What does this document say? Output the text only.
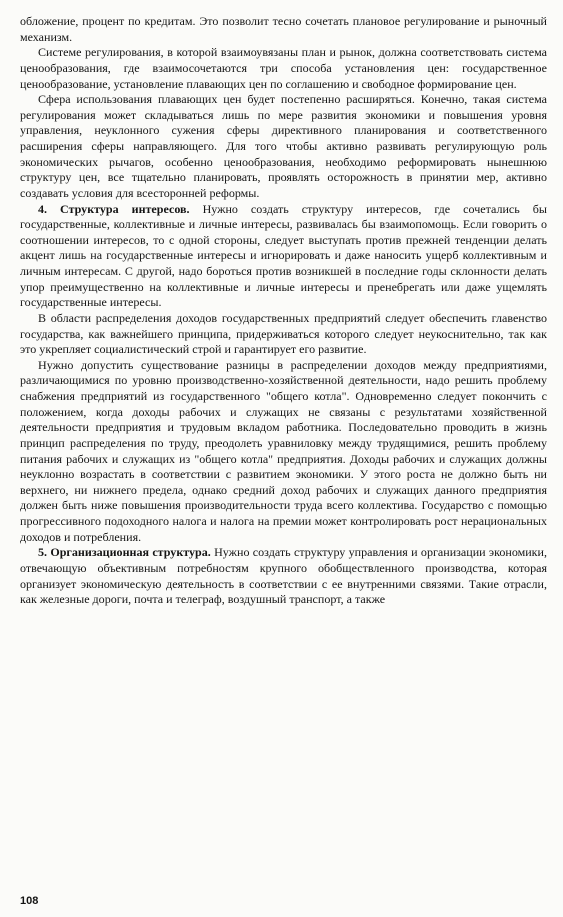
обложение, процент по кредитам. Это позволит тесно сочетать плановое регулирование и рыночный механизм.

Системе регулирования, в которой взаимоувязаны план и рынок, должна соответствовать система ценообразования, где взаимосочетаются три способа установления цен: государственное ценообразование, установление плавающих цен по соглашению и свободное формирование цен.

Сфера использования плавающих цен будет постепенно расширяться. Конечно, такая система регулирования может складываться лишь по мере развития экономики и повышения уровня управления, неуклонного сужения сферы директивного планирования и соответственного расширения сферы направляющего. Для того чтобы активно развивать регулирующую роль экономических рычагов, особенно ценообразования, необходимо реформировать нынешнюю структуру цен, все тщательно планировать, проявлять осторожность в принятии мер, активно создавать условия для всесторонней реформы.

4. Структура интересов. Нужно создать структуру интересов, где сочетались бы государственные, коллективные и личные интересы, развивалась бы взаимопомощь. Если говорить о соотношении интересов, то с одной стороны, следует выступать против прежней тенденции делать акцент лишь на государственные интересы и игнорировать и даже наносить ущерб коллективным и личным интересам. С другой, надо бороться против возникшей в последние годы склонности делать упор преимущественно на коллективные и личные интересы и пренебрегать или даже ущемлять государственные интересы.

В области распределения доходов государственных предприятий следует обеспечить главенство государства, как важнейшего принципа, придерживаться которого следует неукоснительно, так как это укрепляет социалистический строй и гарантирует его развитие.

Нужно допустить существование разницы в распределении доходов между предприятиями, различающимися по уровню производственно-хозяйственной деятельности, надо решить проблему снабжения предприятий из государственного "общего котла". Одновременно следует покончить с положением, когда доходы рабочих и служащих не связаны с результатами хозяйственной деятельности предприятия и трудовым вкладом работника. Последовательно проводить в жизнь принцип распределения по труду, преодолеть уравниловку между трудящимися, решить проблему питания рабочих и служащих из "общего котла" предприятия. Доходы рабочих и служащих должны неуклонно возрастать в соответствии с развитием экономики. У этого роста не должно быть ни верхнего, ни нижнего предела, однако средний доход рабочих и служащих данного предприятия должен быть ниже повышения производительности труда всего коллектива. Государство с помощью прогрессивного подоходного налога и налога на премии может контролировать рост нерациональных доходов и потребления.

5. Организационная структура. Нужно создать структуру управления и организации экономики, отвечающую объективным потребностям крупного обобществленного производства, которая организует экономическую деятельность в соответствии с ее внутренними связями. Такие отрасли, как железные дороги, почта и телеграф, воздушный транспорт, а также

108
